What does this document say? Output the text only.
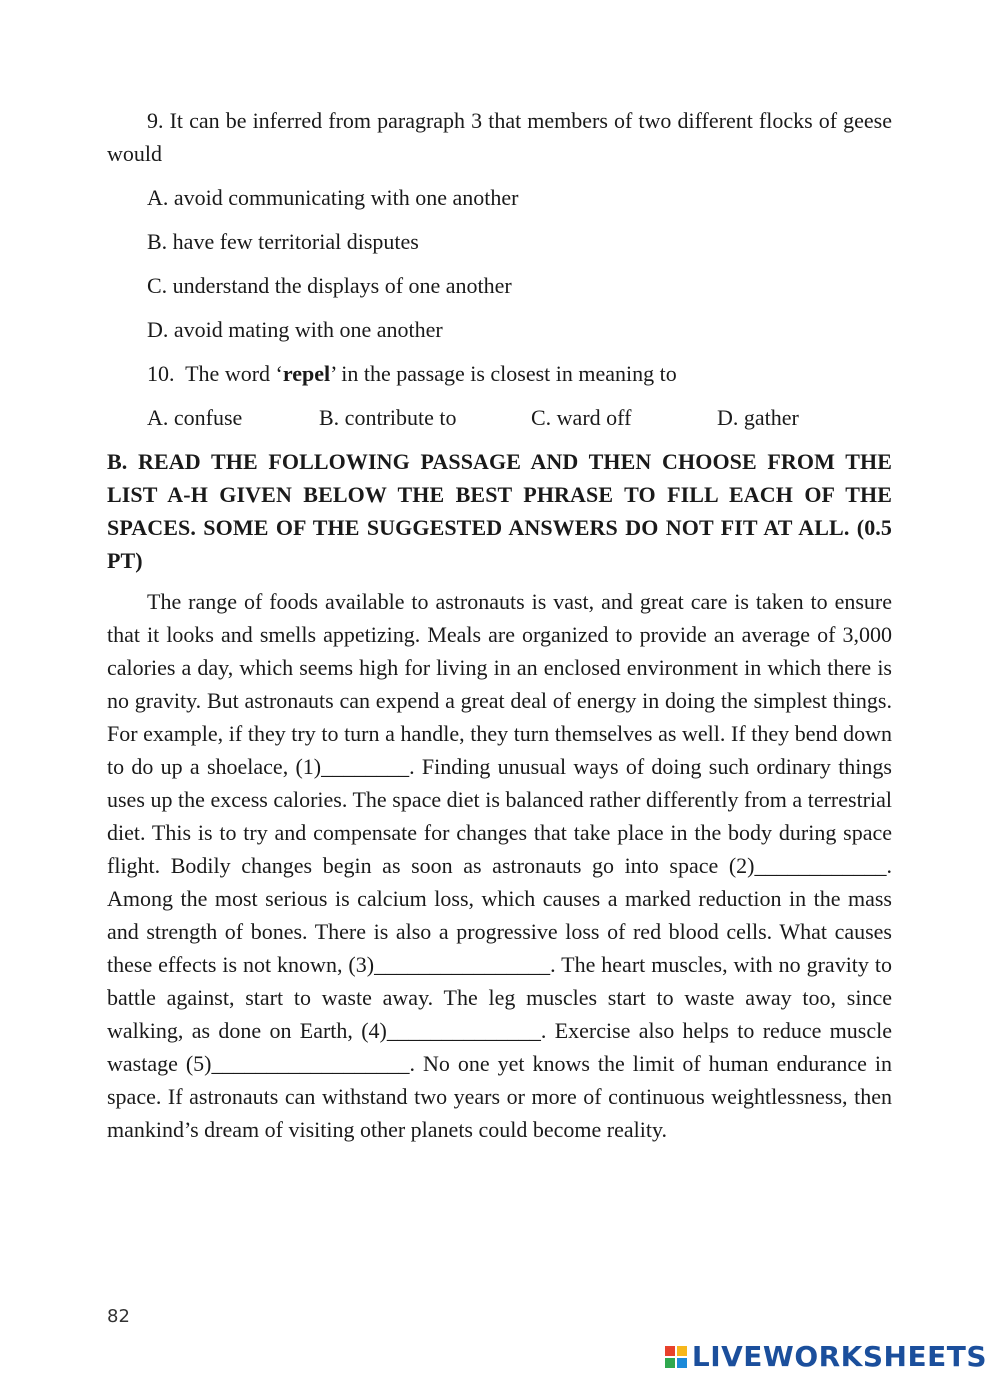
9. It can be inferred from paragraph 3 that members of two different flocks of geese would

A. avoid communicating with one another

B. have few territorial disputes

C. understand the displays of one another

D. avoid mating with one another

10. The word ‘repel’ in the passage is closest in meaning to

A. confuse	B. contribute to	C. ward off	D. gather

B. READ THE FOLLOWING PASSAGE AND THEN CHOOSE FROM THE LIST A-H GIVEN BELOW THE BEST PHRASE TO FILL EACH OF THE SPACES. SOME OF THE SUGGESTED ANSWERS DO NOT FIT AT ALL. (0.5 PT)

The range of foods available to astronauts is vast, and great care is taken to ensure that it looks and smells appetizing. Meals are organized to provide an average of 3,000 calories a day, which seems high for living in an enclosed environment in which there is no gravity. But astronauts can expend a great deal of energy in doing the simplest things. For example, if they try to turn a handle, they turn themselves as well. If they bend down to do up a shoelace, (1)________. Finding unusual ways of doing such ordinary things uses up the excess calories. The space diet is balanced rather differently from a terrestrial diet. This is to try and compensate for changes that take place in the body during space flight. Bodily changes begin as soon as astronauts go into space (2)____________. Among the most serious is calcium loss, which causes a marked reduction in the mass and strength of bones. There is also a progressive loss of red blood cells. What causes these effects is not known, (3)________________. The heart muscles, with no gravity to battle against, start to waste away. The leg muscles start to waste away too, since walking, as done on Earth, (4)______________. Exercise also helps to reduce muscle wastage (5)__________________. No one yet knows the limit of human endurance in space. If astronauts can withstand two years or more of continuous weightlessness, then mankind’s dream of visiting other planets could become reality.

82
LIVEWORKSHEETS
